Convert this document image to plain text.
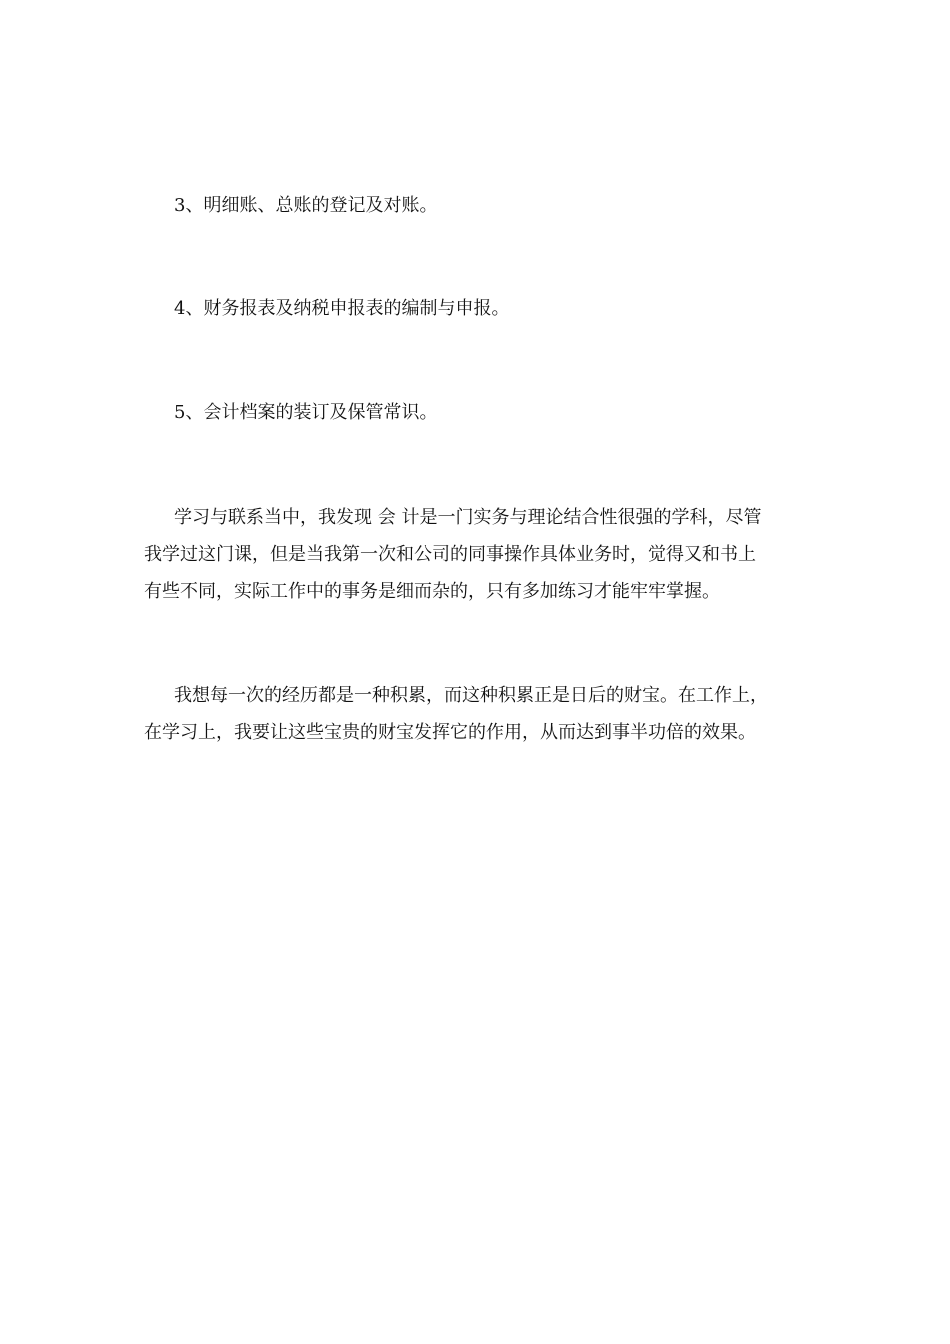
3、明细账、总账的登记及对账。
4、财务报表及纳税申报表的编制与申报。
5、会计档案的装订及保管常识。
学习与联系当中，我发现 会 计是一门实务与理论结合性很强的学科，尽管
我学过这门课，但是当我第一次和公司的同事操作具体业务时，觉得又和书上
有些不同，实际工作中的事务是细而杂的，只有多加练习才能牢牢掌握。
我想每一次的经历都是一种积累，而这种积累正是日后的财宝。在工作上，
在学习上，我要让这些宝贵的财宝发挥它的作用，从而达到事半功倍的效果。
